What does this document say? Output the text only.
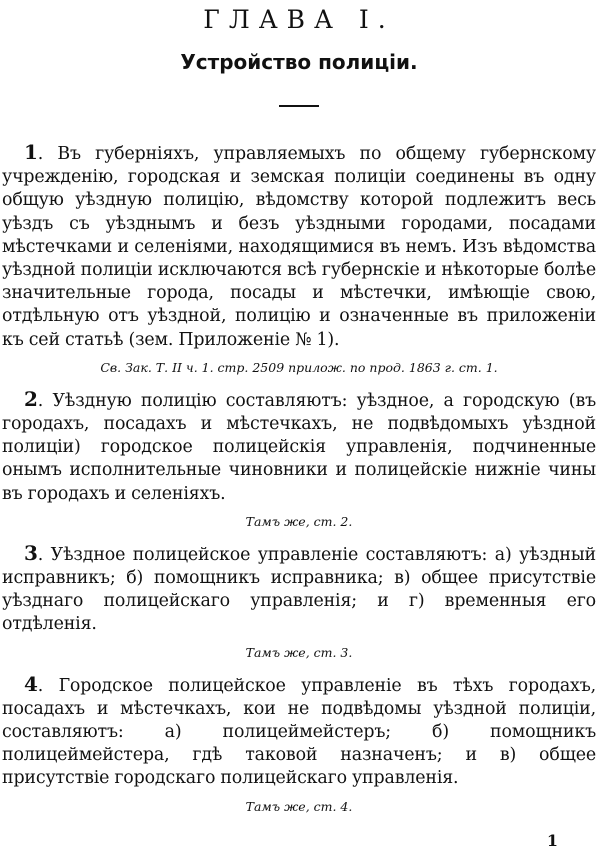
ГЛАВА I.
Устройство полиціи.

1. Въ губерніяхъ, управляемыхъ по общему губернскому учрежденію, городская и земская полиціи соединены въ одну общую уѣздную полицію, вѣдомству которой подлежитъ весь уѣздъ съ уѣзднымъ и безъ уѣздными городами, посадами мѣстечками и селеніями, находящимися въ немъ. Изъ вѣдомства уѣздной полиціи исключаются всѣ губернскіе и нѣкоторые болѣе значительные города, посады и мѣстечки, имѣющіе свою, отдѣльную отъ уѣздной, полицію и означенные въ приложеніи къ сей статьѣ (зем. Приложеніе № 1).

Св. Зак. Т. II ч. 1. стр. 2509 прилож. по прод. 1863 г. ст. 1.

2. Уѣздную полицію составляютъ: уѣздное, а городскую (въ городахъ, посадахъ и мѣстечкахъ, не подвѣдомыхъ уѣздной полиціи) городское полицейскія управленія, подчиненные онымъ исполнительные чиновники и полицейскіе нижніе чины въ городахъ и селеніяхъ.

Тамъ же, ст. 2.

3. Уѣздное полицейское управленіе составляютъ: а) уѣздный исправникъ; б) помощникъ исправника; в) общее присутствіе уѣзднаго полицейскаго управленія; и г) временныя его отдѣленія.

Тамъ же, ст. 3.

4. Городское полицейское управленіе въ тѣхъ городахъ, посадахъ и мѣстечкахъ, кои не подвѣдомы уѣздной полиціи, составляютъ: а) полицеймейстеръ; б) помощникъ полицеймейстера, гдѣ таковой назначенъ; и в) общее присутствіе городскаго полицейскаго управленія.

Тамъ же, ст. 4.
1
